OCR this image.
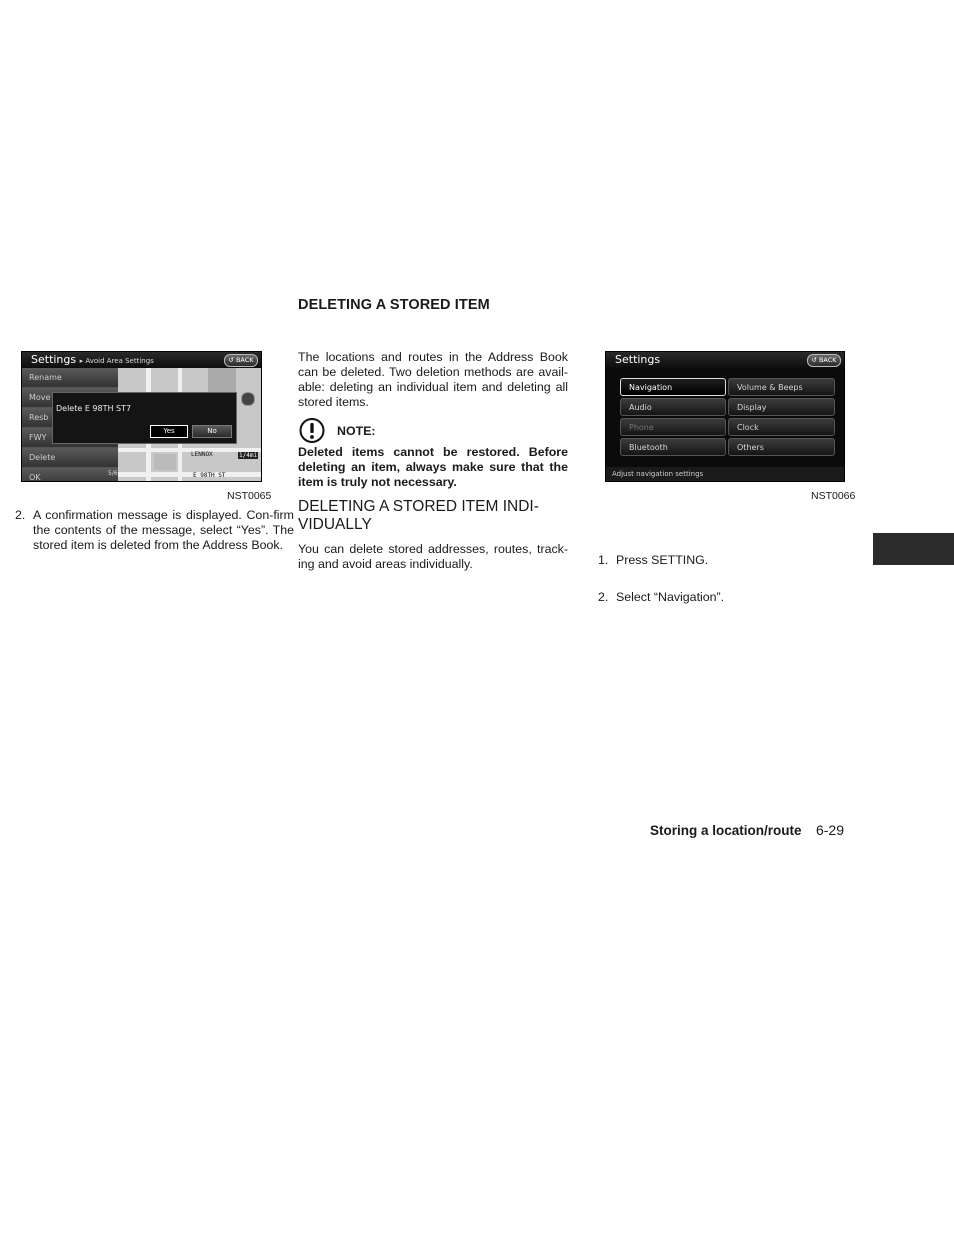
DELETING A STORED ITEM
Settings ▸ Avoid Area Settings	↺ BACK
LENNOX
E 98TH ST
1/4mi
Rename
Move
Resb
FWY
Delete
OK	5/6
Delete E 98TH ST7
Yes	No
NST0065
2. A confirmation message is displayed. Con-firm the contents of the message, select “Yes”. The stored item is deleted from the Address Book.
The locations and routes in the Address Book can be deleted. Two deletion methods are avail-able: deleting an individual item and deleting all stored items.
NOTE:
Deleted items cannot be restored. Before deleting an item, always make sure that the item is truly not necessary.
DELETING A STORED ITEM INDI-
VIDUALLY
You can delete stored addresses, routes, track-ing and avoid areas individually.
Settings	↺ BACK
Navigation	Volume & Beeps
Audio	Display
Phone	Clock
Bluetooth	Others
Adjust navigation settings
NST0066
1. Press SETTING.
2. Select “Navigation”.
Storing a location/route 6-29
